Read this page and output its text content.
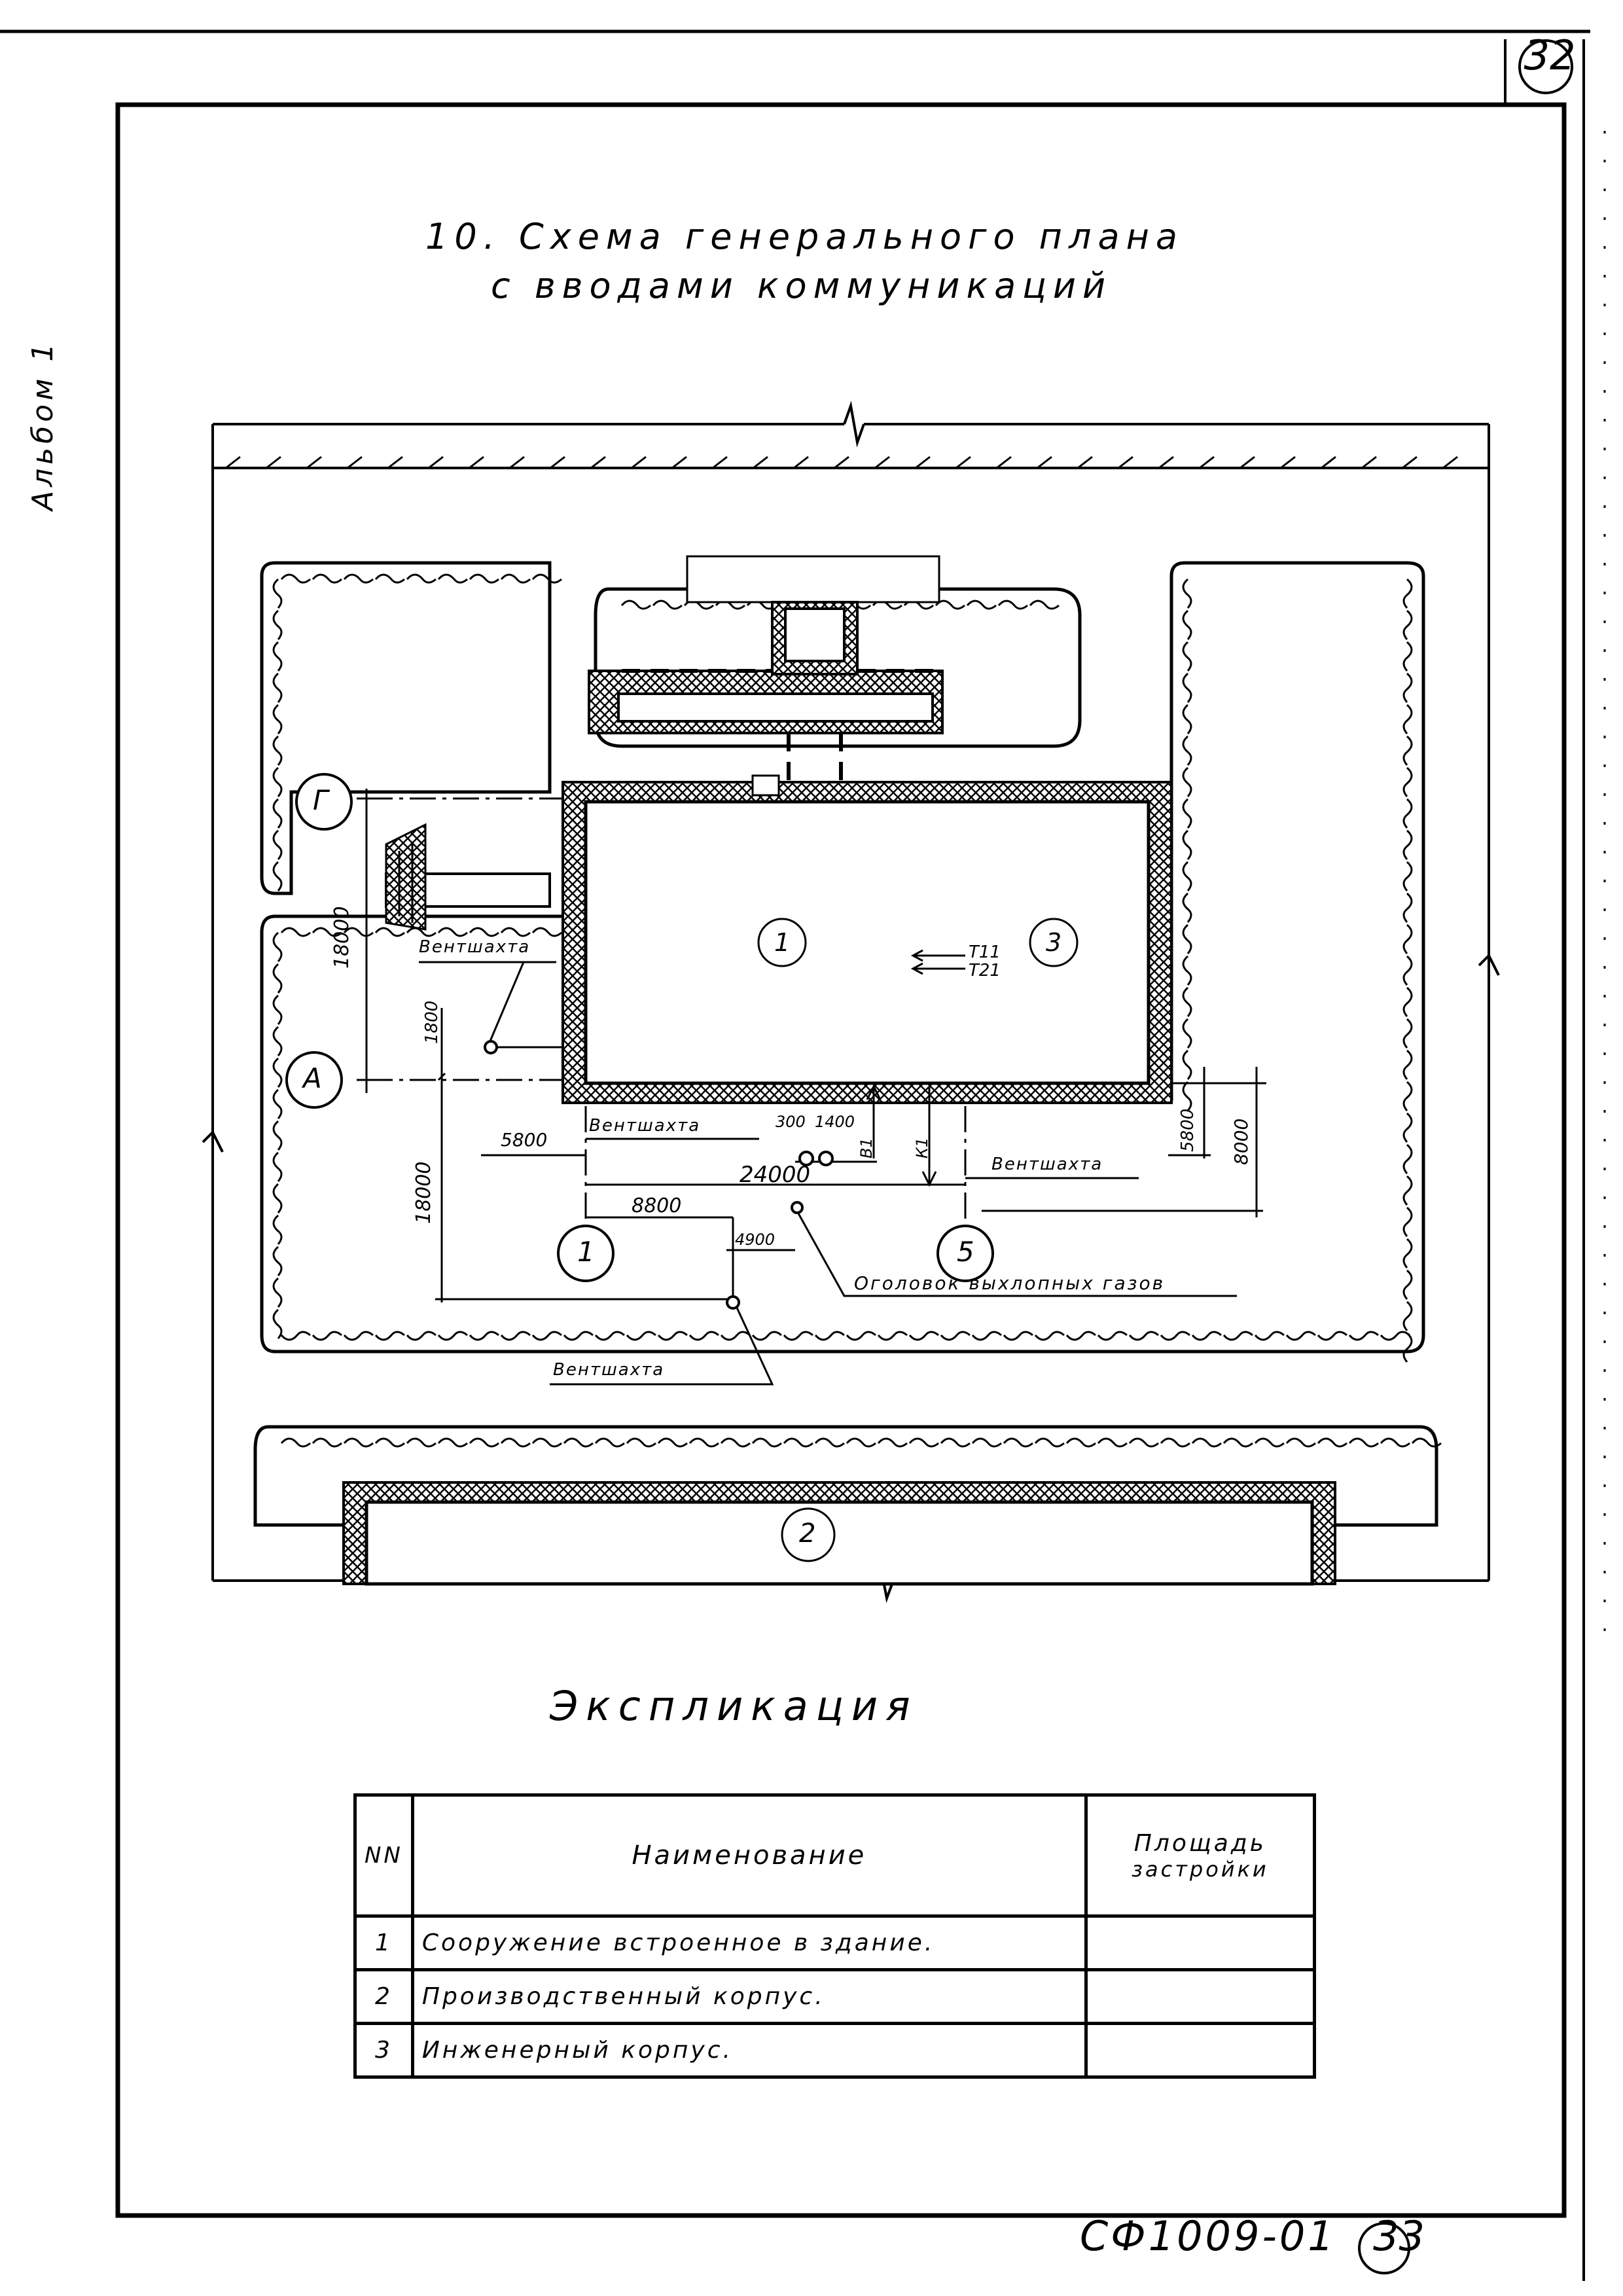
32
Альбом 1
10. Схема генерального плана
с вводами коммуникаций
Г
А
1	5
1	3
2
18000
1800
18000
5800
300 1400
24000
8800
4900
5800 8000
Т11
Т21
В1 К1
Вентшахта
Вентшахта
Вентшахта
Вентшахта
Оголовок выхлопных газов
Экспликация
NN	Наименование	Площадь
застройки

1	Сооружение встроенное в здание.	
2	Производственный корпус.	
3	Инженерный корпус.	
СФ1009-01 33
